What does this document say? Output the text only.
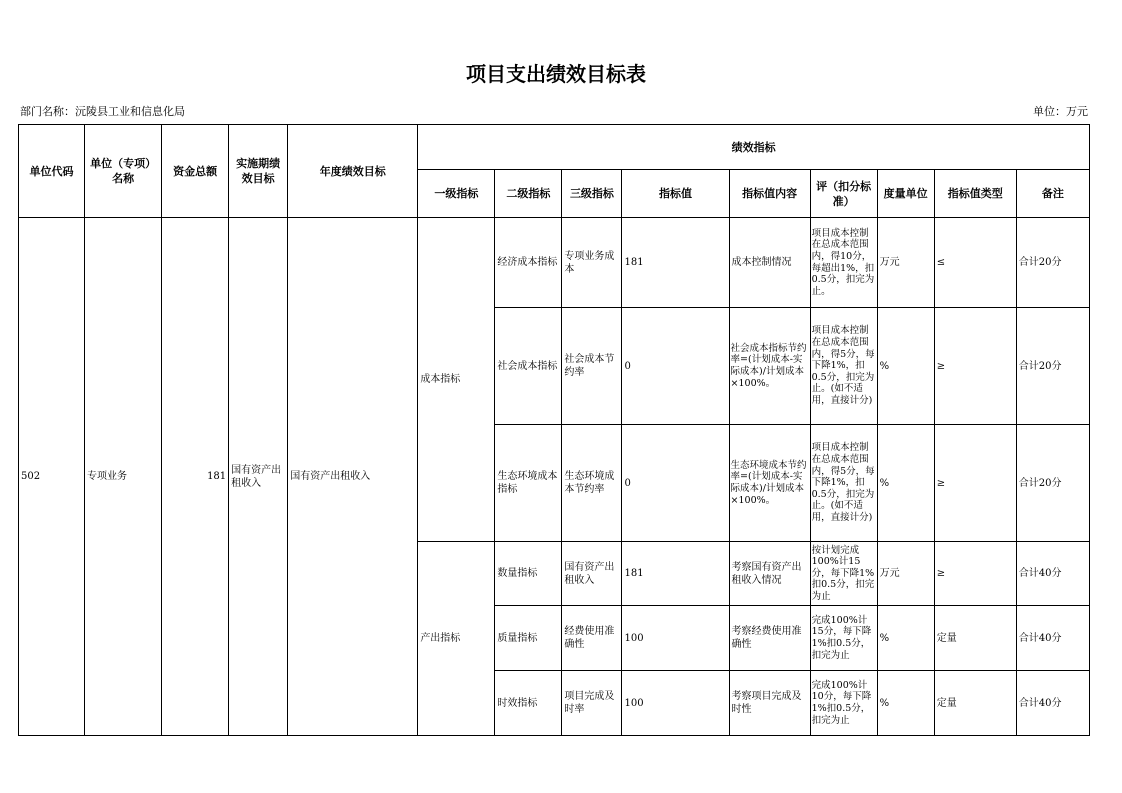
项目支出绩效目标表
部门名称：沅陵县工业和信息化局	单位：万元
单位代码	单位（专项）名称	资金总额	实施期绩效目标	年度绩效目标	绩效指标								
					一级指标	二级指标	三级指标	指标值	指标值内容	评（扣分标准）	度量单位	指标值类型	备注
502	专项业务	181	国有资产出租收入	国有资产出租收入	成本指标	经济成本指标	专项业务成本	181	成本控制情况	项目成本控制在总成本范围内，得10分，每超出1%，扣0.5分，扣完为止。	万元	≤	合计20分
						社会成本指标	社会成本节约率	0	社会成本指标节约率=(计划成本-实际成本)/计划成本×100%。	项目成本控制在总成本范围内，得5分，每下降1%，扣0.5分，扣完为止。(如不适用，直接计分)	%	≥	合计20分
						生态环境成本指标	生态环境成本节约率	0	生态环境成本节约率=(计划成本-实际成本)/计划成本×100%。	项目成本控制在总成本范围内，得5分，每下降1%，扣0.5分，扣完为止。(如不适用，直接计分)	%	≥	合计20分
					产出指标	数量指标	国有资产出租收入	181	考察国有资产出租收入情况	按计划完成100%计15分，每下降1%扣0.5分，扣完为止	万元	≥	合计40分
						质量指标	经费使用准确性	100	考察经费使用准确性	完成100%计15分，每下降1%扣0.5分，扣完为止	%	定量	合计40分
						时效指标	项目完成及时率	100	考察项目完成及时性	完成100%计10分，每下降1%扣0.5分，扣完为止	%	定量	合计40分
